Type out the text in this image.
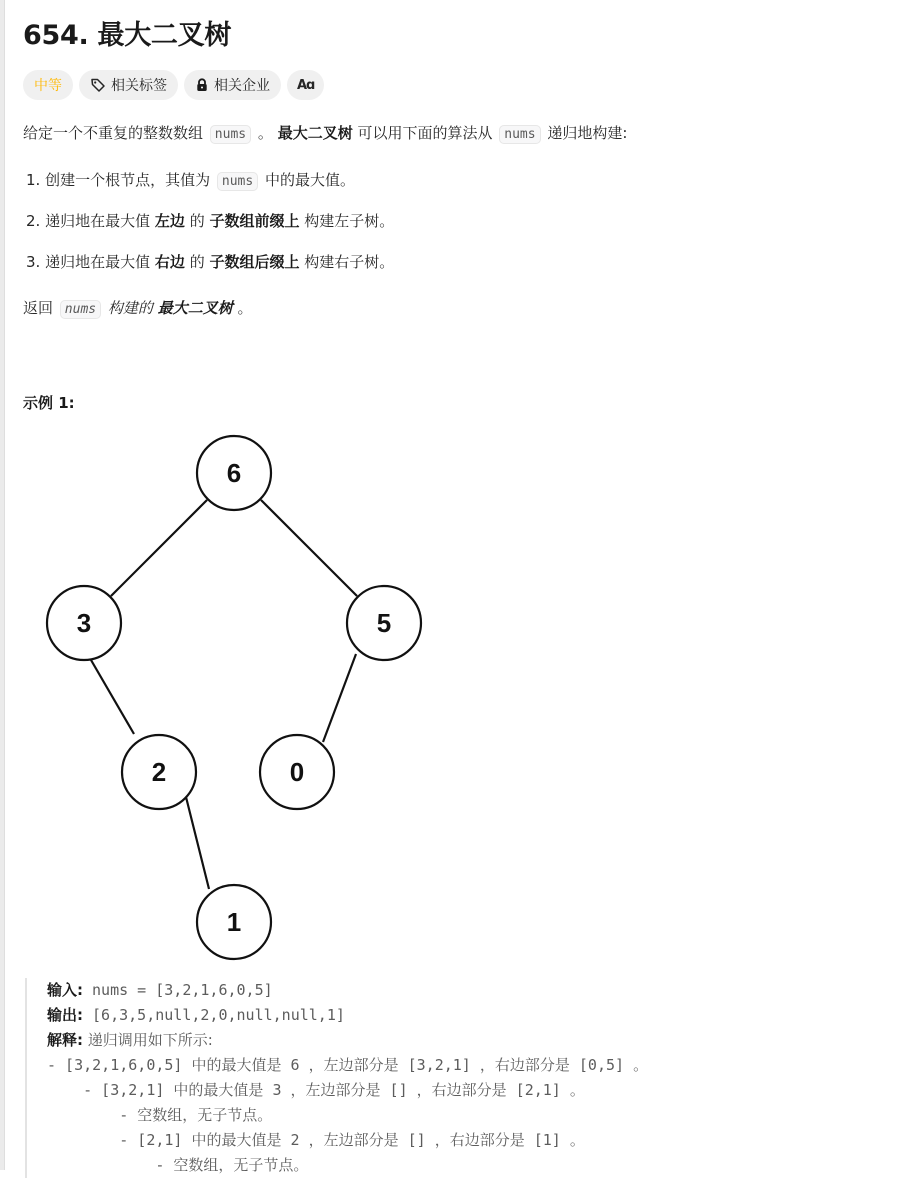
654. 最大二叉树
中等	相关标签	相关企业 Aɑ
给定一个不重复的整数数组 nums 。 最大二叉树 可以用下面的算法从 nums 递归地构建:
1. 创建一个根节点，其值为 nums 中的最大值。
2. 递归地在最大值 左边 的 子数组前缀上 构建左子树。
3. 递归地在最大值 右边 的 子数组后缀上 构建右子树。
返回 nums 构建的 最大二叉树 。
示例 1:
6
3	5
2	0
1
输入: nums = [3,2,1,6,0,5]
输出: [6,3,5,null,2,0,null,null,1]
解释: 递归调用如下所示:
- [3,2,1,6,0,5] 中的最大值是 6 ，左边部分是 [3,2,1] ，右边部分是 [0,5] 。
- [3,2,1] 中的最大值是 3 ，左边部分是 [] ，右边部分是 [2,1] 。
- 空数组，无子节点。
- [2,1] 中的最大值是 2 ，左边部分是 [] ，右边部分是 [1] 。
- 空数组，无子节点。
